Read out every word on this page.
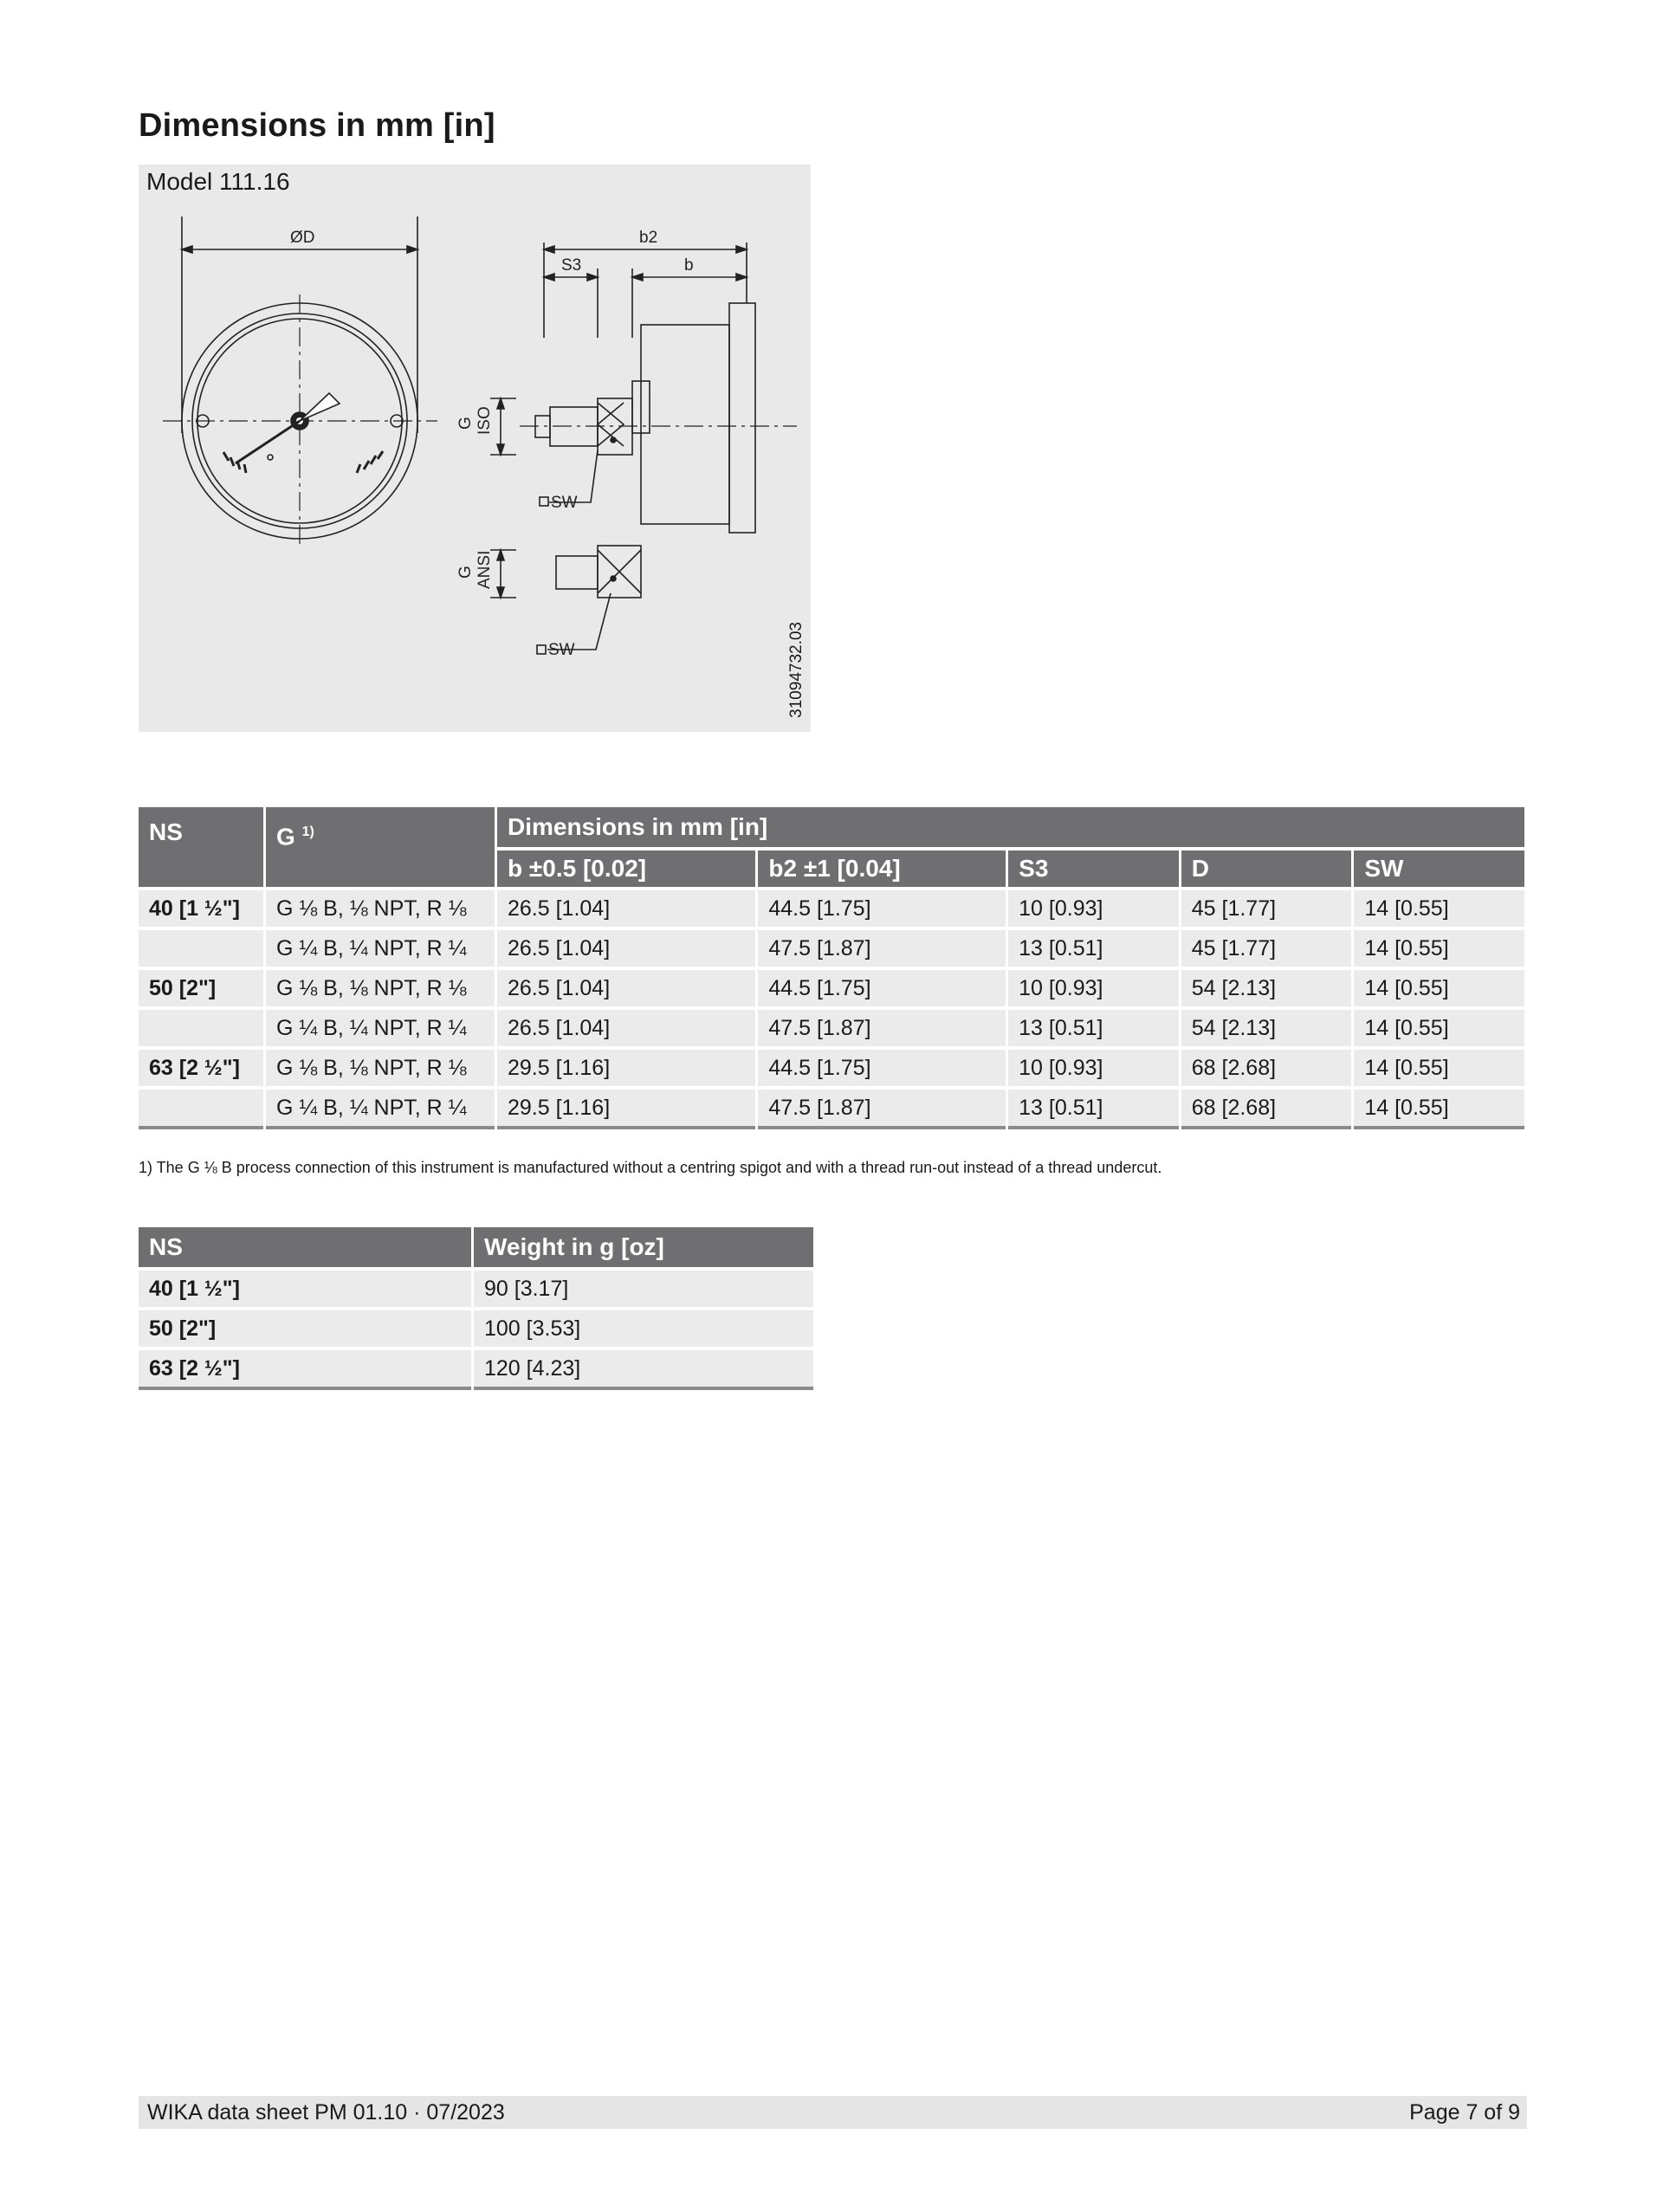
Dimensions in mm [in]
Model 111.16
ØD	b2
S3	b
G ISO
G ANSI
SW
SW	31094732.03
NS	G $^{1)}$	Dimensions in mm [in]				
		b ±0.5 [0.02]	b2 ±1 [0.04]	S3	D	SW
40 [1 ½"]	G ⅛ B, ⅛ NPT, R ⅛	26.5 [1.04]	44.5 [1.75]	10 [0.93]	45 [1.77]	14 [0.55]
	G ¼ B, ¼ NPT, R ¼	26.5 [1.04]	47.5 [1.87]	13 [0.51]	45 [1.77]	14 [0.55]
50 [2"]	G ⅛ B, ⅛ NPT, R ⅛	26.5 [1.04]	44.5 [1.75]	10 [0.93]	54 [2.13]	14 [0.55]
	G ¼ B, ¼ NPT, R ¼	26.5 [1.04]	47.5 [1.87]	13 [0.51]	54 [2.13]	14 [0.55]
63 [2 ½"]	G ⅛ B, ⅛ NPT, R ⅛	29.5 [1.16]	44.5 [1.75]	10 [0.93]	68 [2.68]	14 [0.55]
	G ¼ B, ¼ NPT, R ¼	29.5 [1.16]	47.5 [1.87]	13 [0.51]	68 [2.68]	14 [0.55]
1) The G ⅛ B process connection of this instrument is manufactured without a centring spigot and with a thread run-out instead of a thread undercut.
NS	Weight in g [oz]
40 [1 ½"]	90 [3.17]
50 [2"]	100 [3.53]
63 [2 ½"]	120 [4.23]
WIKA data sheet PM 01.10 · 07/2023	Page 7 of 9
